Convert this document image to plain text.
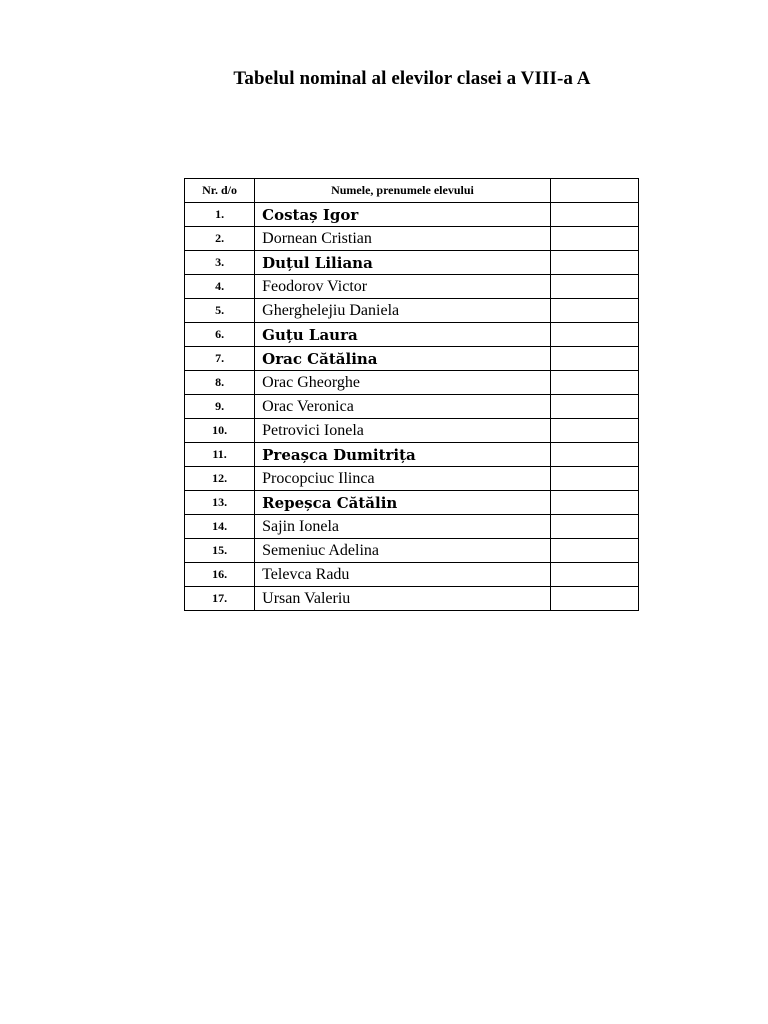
Tabelul nominal al elevilor clasei a VIII-a A
Nr. d/o	Numele, prenumele elevului	
1.	Costaș Igor	
2.	Dornean Cristian	
3.	Duțul Liliana	
4.	Feodorov Victor	
5.	Gherghelejiu Daniela	
6.	Guțu Laura	
7.	Orac Cătălina	
8.	Orac Gheorghe	
9.	Orac Veronica	
10.	Petrovici Ionela	
11.	Preașca Dumitrița	
12.	Procopciuc Ilinca	
13.	Repeșca Cătălin	
14.	Sajin Ionela	
15.	Semeniuc Adelina	
16.	Televca Radu	
17.	Ursan Valeriu	
